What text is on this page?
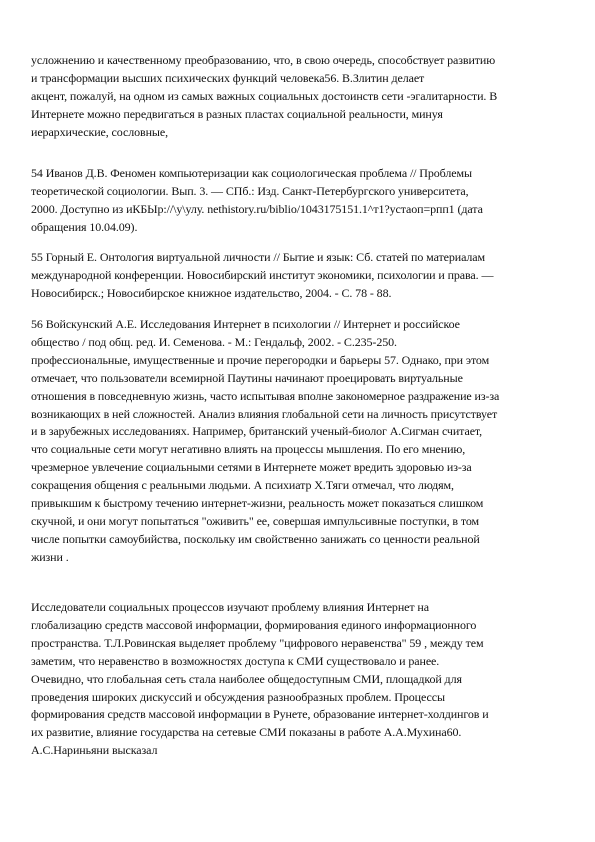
усложнению и качественному преобразованию, что, в свою очередь, способствует развитию
и трансформации высших психических функций человека56. В.Злитин делает
акцент, пожалуй, на одном из самых важных социальных достоинств сети -эгалитарности. В
Интернете можно передвигаться в разных пластах социальной реальности, минуя
иерархические, сословные,
54 Иванов Д.В. Феномен компьютеризации как социологическая проблема // Проблемы
теоретической социологии. Вып. 3. — СПб.: Изд. Санкт-Петербургского университета,
2000. Доступно из иКБЫр://\у\улу. nethistory.ru/biblio/1043175151.1^т1?устаоп=рпп1 (дата
обращения 10.04.09).
55 Горный Е. Онтология виртуальной личности // Бытие и язык: Сб. статей по материалам
международной конференции. Новосибирский институт экономики, психологии и права. —
Новосибирск.; Новосибирское книжное издательство, 2004. - С. 78 - 88.
56 Войскунский А.Е. Исследования Интернет в психологии // Интернет и российское
общество / под общ. ред. И. Семенова. - М.: Гендальф, 2002. - С.235-250.
профессиональные, имущественные и прочие перегородки и барьеры 57. Однако, при этом
отмечает, что пользователи всемирной Паутины начинают проецировать виртуальные
отношения в повседневную жизнь, часто испытывая вполне закономерное раздражение из-за
возникающих в ней сложностей. Анализ влияния глобальной сети на личность присутствует
и в зарубежных исследованиях. Например, британский ученый-биолог А.Сигман считает,
что социальные сети могут негативно влиять на процессы мышления. По его мнению,
чрезмерное увлечение социальными сетями в Интернете может вредить здоровью из-за
сокращения общения с реальными людьми. А психиатр Х.Тяги отмечал, что людям,
привыкшим к быстрому течению интернет-жизни, реальность может показаться слишком
скучной, и они могут попытаться "оживить" ее, совершая импульсивные поступки, в том
числе попытки самоубийства, поскольку им свойственно занижать со ценности реальной
жизни .
Исследователи социальных процессов изучают проблему влияния Интернет на
глобализацию средств массовой информации, формирования единого информационного
пространства. Т.Л.Ровинская выделяет проблему "цифрового неравенства" 59 , между тем
заметим, что неравенство в возможностях доступа к СМИ существовало и ранее.
Очевидно, что глобальная сеть стала наиболее общедоступным СМИ, площадкой для
проведения широких дискуссий и обсуждения разнообразных проблем. Процессы
формирования средств массовой информации в Рунете, образование интернет-холдингов и
их развитие, влияние государства на сетевые СМИ показаны в работе А.А.Мухина60.
А.С.Нариньяни высказал
